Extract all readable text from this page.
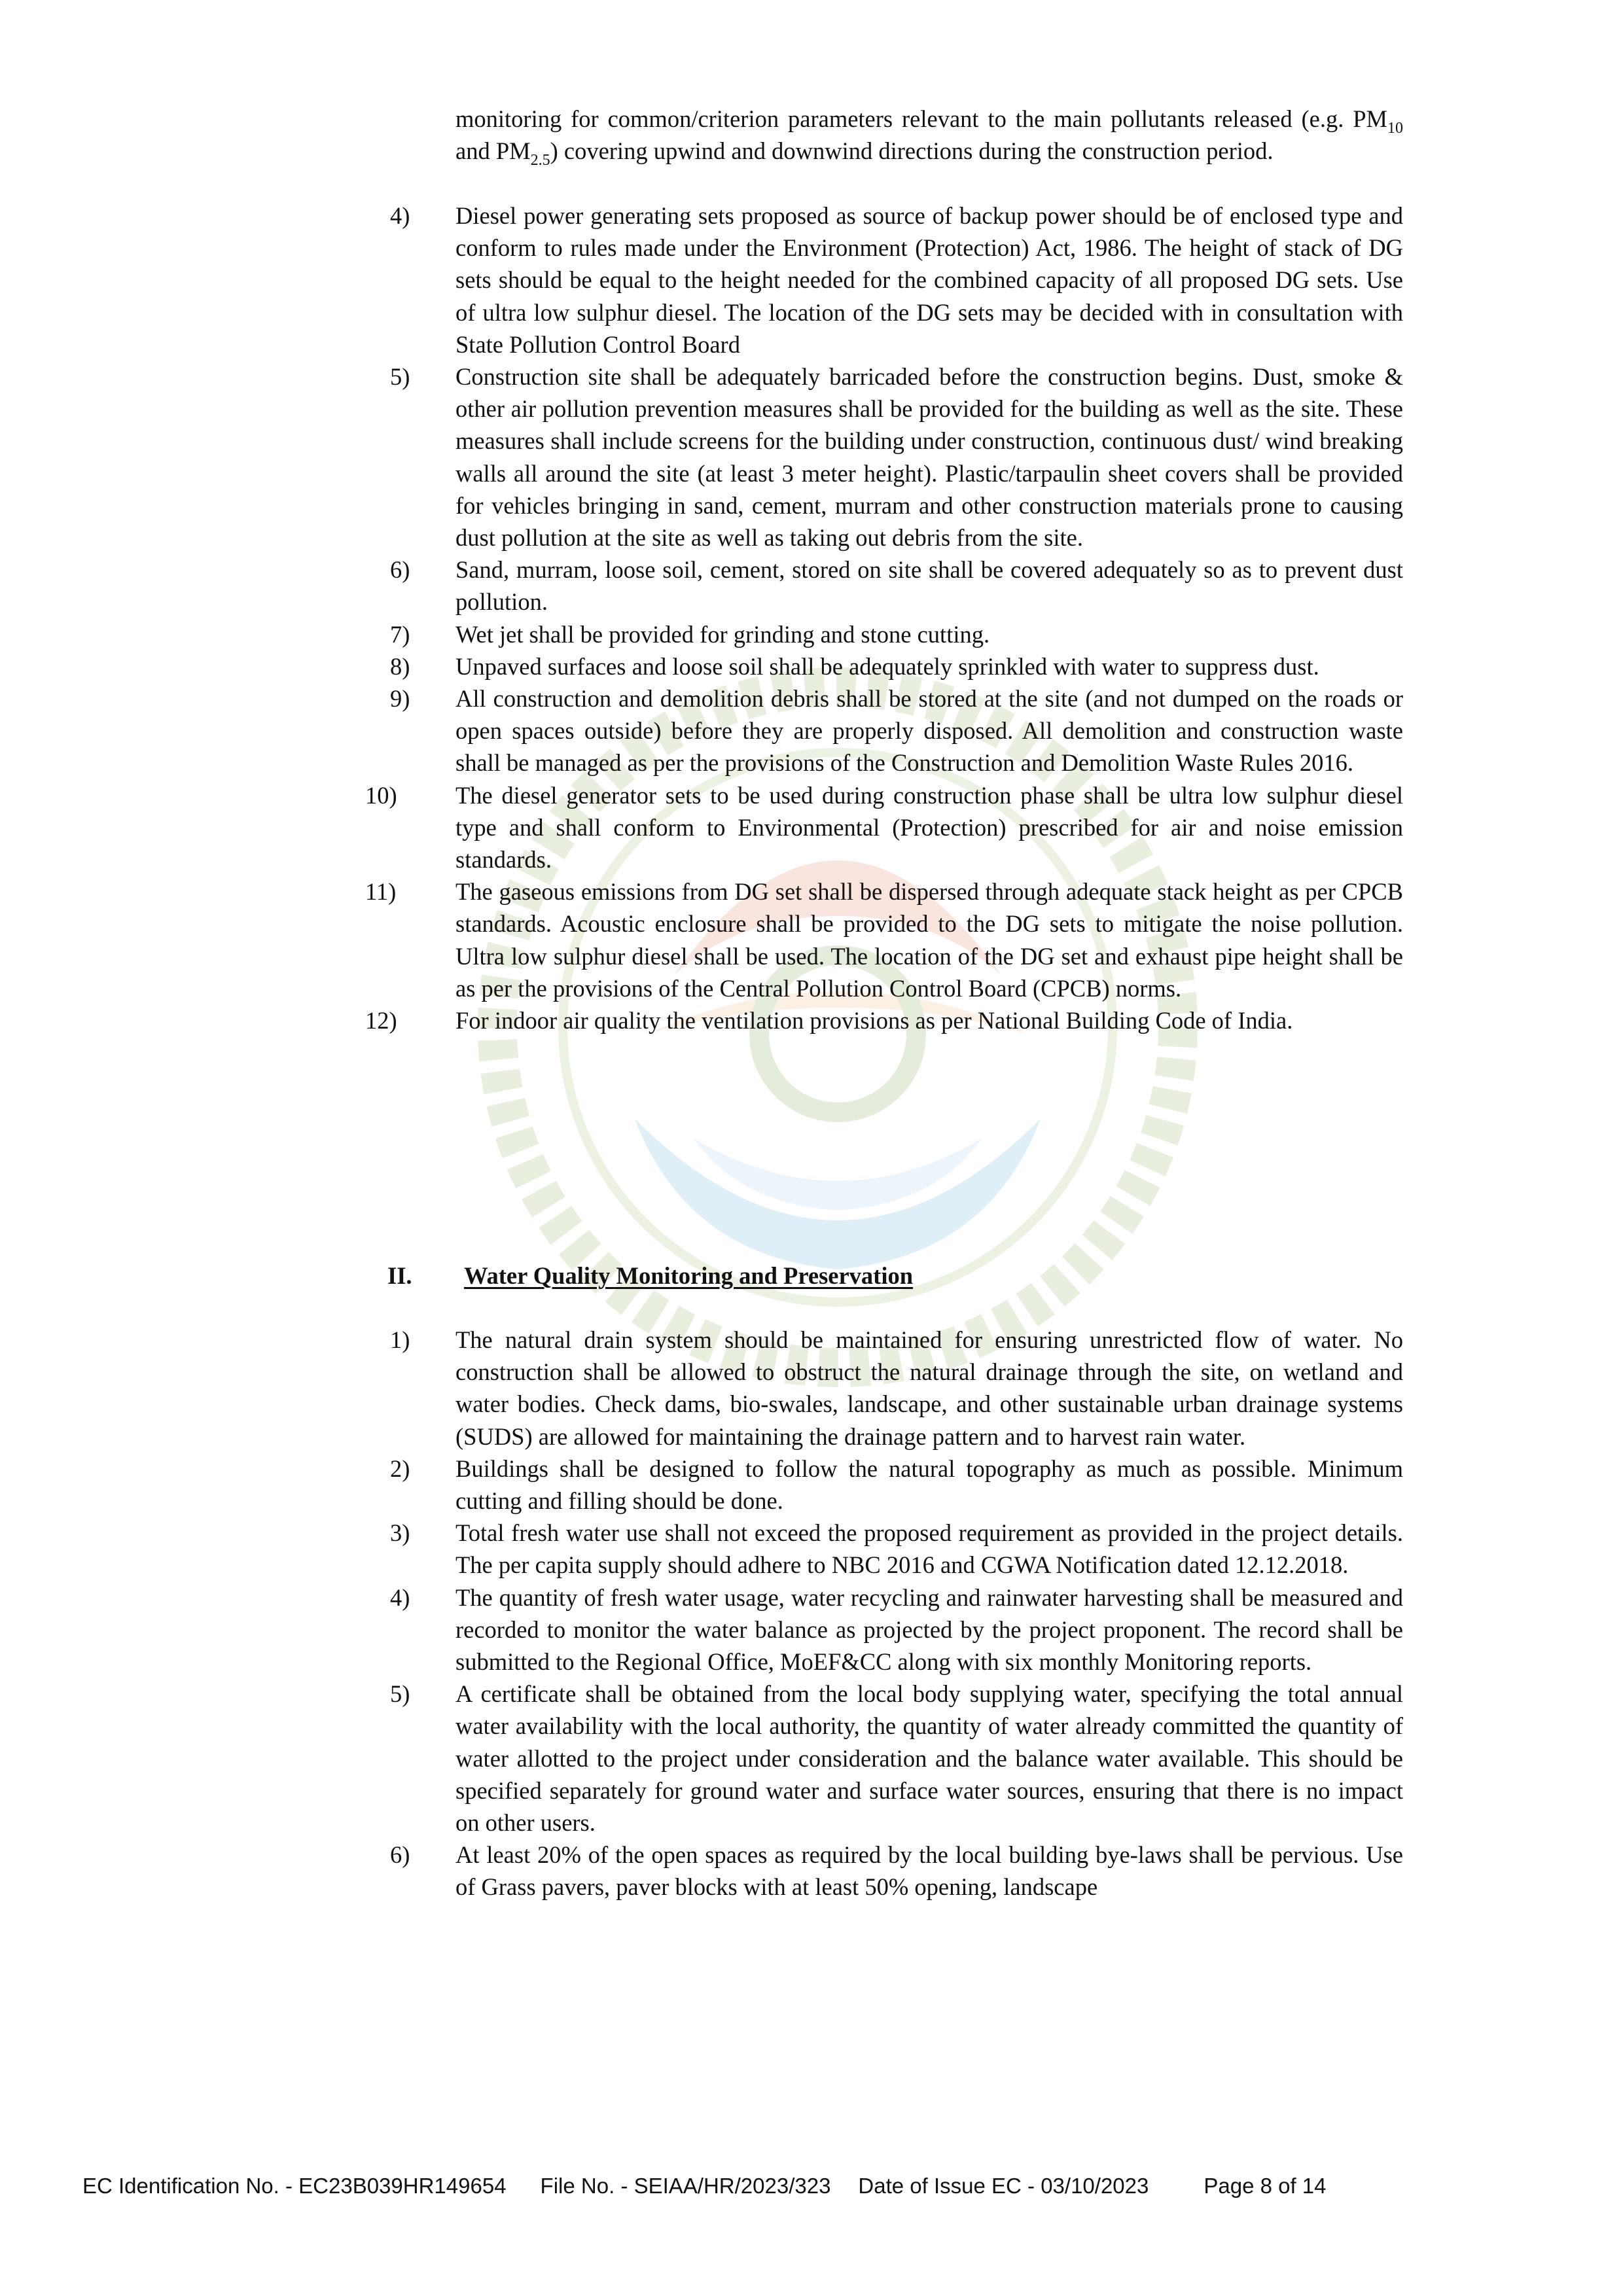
monitoring for common/criterion parameters relevant to the main pollutants released (e.g. $PM_{10}$ and $PM_{2.5}$) covering upwind and downwind directions during the construction period.

4)	Diesel power generating sets proposed as source of backup power should be of enclosed type and conform to rules made under the Environment (Protection) Act, 1986. The height of stack of DG sets should be equal to the height needed for the combined capacity of all proposed DG sets. Use of ultra low sulphur diesel. The location of the DG sets may be decided with in consultation with State Pollution Control Board
5)	Construction site shall be adequately barricaded before the construction begins. Dust, smoke & other air pollution prevention measures shall be provided for the building as well as the site. These measures shall include screens for the building under construction, continuous dust/ wind breaking walls all around the site (at least 3 meter height). Plastic/tarpaulin sheet covers shall be provided for vehicles bringing in sand, cement, murram and other construction materials prone to causing dust pollution at the site as well as taking out debris from the site.
6)	Sand, murram, loose soil, cement, stored on site shall be covered adequately so as to prevent dust pollution.
7)	Wet jet shall be provided for grinding and stone cutting.
8)	Unpaved surfaces and loose soil shall be adequately sprinkled with water to suppress dust.
9)	All construction and demolition debris shall be stored at the site (and not dumped on the roads or open spaces outside) before they are properly disposed. All demolition and construction waste shall be managed as per the provisions of the Construction and Demolition Waste Rules 2016.
10)	The diesel generator sets to be used during construction phase shall be ultra low sulphur diesel type and shall conform to Environmental (Protection) prescribed for air and noise emission standards.
11)	The gaseous emissions from DG set shall be dispersed through adequate stack height as per CPCB standards. Acoustic enclosure shall be provided to the DG sets to mitigate the noise pollution. Ultra low sulphur diesel shall be used. The location of the DG set and exhaust pipe height shall be as per the provisions of the Central Pollution Control Board (CPCB) norms.
12)	For indoor air quality the ventilation provisions as per National Building Code of India.
II. Water Quality Monitoring and Preservation
1)	The natural drain system should be maintained for ensuring unrestricted flow of water. No construction shall be allowed to obstruct the natural drainage through the site, on wetland and water bodies. Check dams, bio-swales, landscape, and other sustainable urban drainage systems (SUDS) are allowed for maintaining the drainage pattern and to harvest rain water.
2)	Buildings shall be designed to follow the natural topography as much as possible. Minimum cutting and filling should be done.
3)	Total fresh water use shall not exceed the proposed requirement as provided in the project details. The per capita supply should adhere to NBC 2016 and CGWA Notification dated 12.12.2018.
4)	The quantity of fresh water usage, water recycling and rainwater harvesting shall be measured and recorded to monitor the water balance as projected by the project proponent. The record shall be submitted to the Regional Office, MoEF&CC along with six monthly Monitoring reports.
5)	A certificate shall be obtained from the local body supplying water, specifying the total annual water availability with the local authority, the quantity of water already committed the quantity of water allotted to the project under consideration and the balance water available. This should be specified separately for ground water and surface water sources, ensuring that there is no impact on other users.
6)	At least 20% of the open spaces as required by the local building bye-laws shall be pervious. Use of Grass pavers, paver blocks with at least 50% opening, landscape
EC Identification No. - EC23B039HR149654 File No. - SEIAA/HR/2023/323 Date of Issue EC - 03/10/2023	Page 8 of 14
